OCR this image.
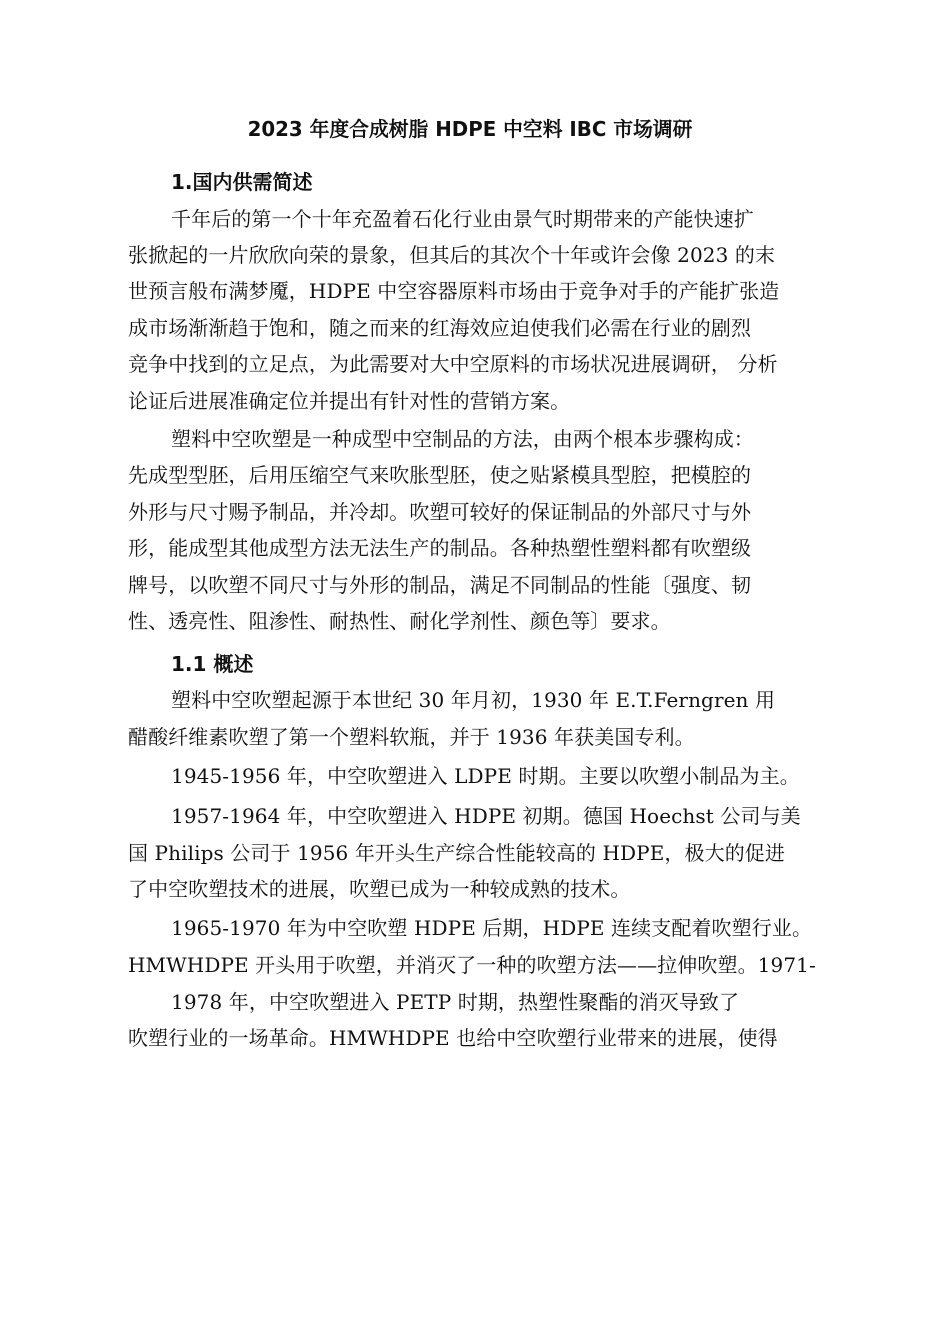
2023 年度合成树脂 HDPE 中空料 IBC 市场调研
1.国内供需简述
千年后的第一个十年充盈着石化行业由景气时期带来的产能快速扩
张掀起的一片欣欣向荣的景象，但其后的其次个十年或许会像 2023 的末
世预言般布满梦魇，HDPE 中空容器原料市场由于竞争对手的产能扩张造
成市场渐渐趋于饱和，随之而来的红海效应迫使我们必需在行业的剧烈
竞争中找到的立足点，为此需要对大中空原料的市场状况进展调研， 分析
论证后进展准确定位并提出有针对性的营销方案。
塑料中空吹塑是一种成型中空制品的方法，由两个根本步骤构成：
先成型型胚，后用压缩空气来吹胀型胚，使之贴紧模具型腔，把模腔的
外形与尺寸赐予制品，并冷却。吹塑可较好的保证制品的外部尺寸与外
形，能成型其他成型方法无法生产的制品。各种热塑性塑料都有吹塑级
牌号，以吹塑不同尺寸与外形的制品，满足不同制品的性能〔强度、韧
性、透亮性、阻渗性、耐热性、耐化学剂性、颜色等〕要求。
1.1 概述
塑料中空吹塑起源于本世纪 30 年月初，1930 年 E.T.Ferngren 用
醋酸纤维素吹塑了第一个塑料软瓶，并于 1936 年获美国专利。
1945-1956 年，中空吹塑进入 LDPE 时期。主要以吹塑小制品为主。
1957-1964 年，中空吹塑进入 HDPE 初期。德国 Hoechst 公司与美
国 Philips 公司于 1956 年开头生产综合性能较高的 HDPE，极大的促进
了中空吹塑技术的进展，吹塑已成为一种较成熟的技术。
1965-1970 年为中空吹塑 HDPE 后期，HDPE 连续支配着吹塑行业。
HMWHDPE 开头用于吹塑，并消灭了一种的吹塑方法——拉伸吹塑。1971-
1978 年，中空吹塑进入 PETP 时期，热塑性聚酯的消灭导致了
吹塑行业的一场革命。HMWHDPE 也给中空吹塑行业带来的进展，使得
